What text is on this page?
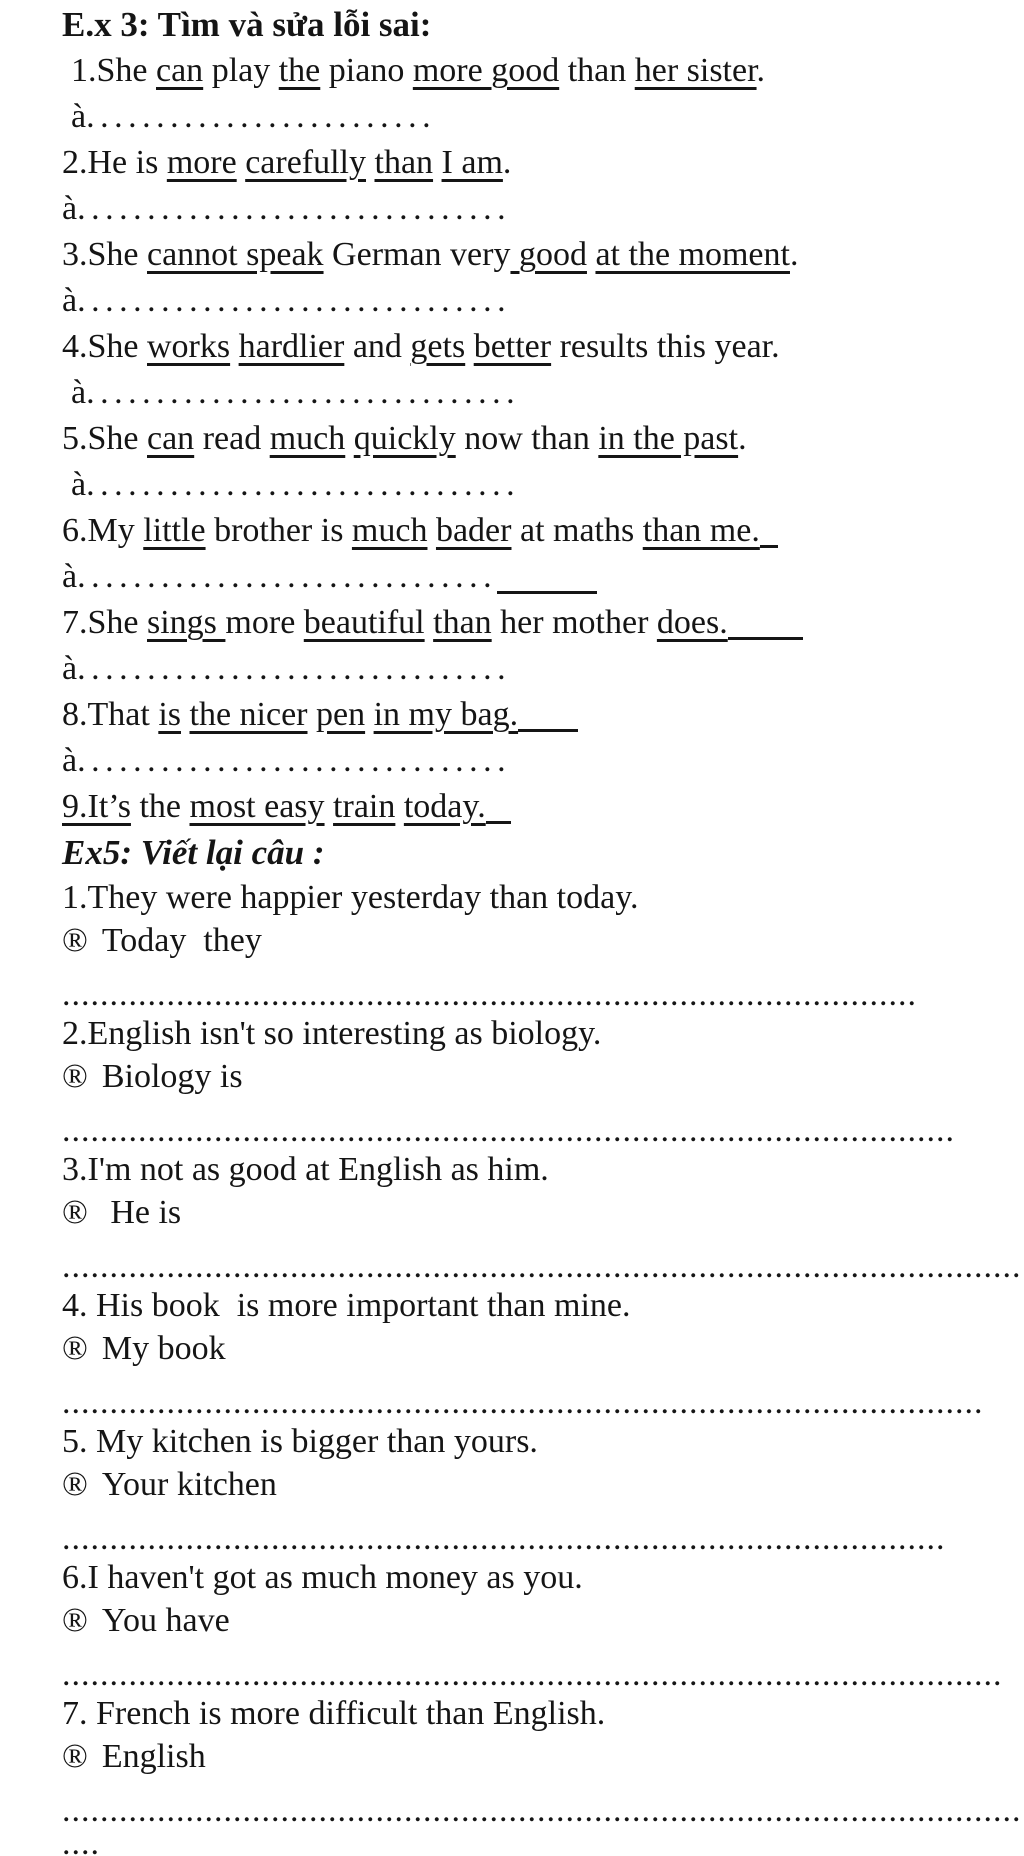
E.x 3: Tìm và sửa lỗi sai:
1.She can play the piano more good than her sister.
à.........................
2.He is more carefully than I am.
à...............................
3.She cannot speak German very good at the moment.
à...............................
4.She works hardlier and gets better results this year.
à...............................
5.She can read much quickly now than in the past.
à...............................
6.My little brother is much bader at maths than me.
à..............................
7.She sings more beautiful than her mother does.
à...............................
8.That is the nicer pen in my bag.
à...............................
9.It’s the most easy train today.
Ex5: Viết lại câu :
1.They were happier yesterday than today.
® Today  they
..........................................................................................
2.English isn't so interesting as biology.
® Biology is
..............................................................................................
3.I'm not as good at English as him.
® He is
.....................................................................................................
4. His book  is more important than mine.
® My book
.................................................................................................
5. My kitchen is bigger than yours.
® Your kitchen
.............................................................................................
6.I haven't got as much money as you.
® You have
...................................................................................................
7. French is more difficult than English.
® English
.....................................................................................................
....
